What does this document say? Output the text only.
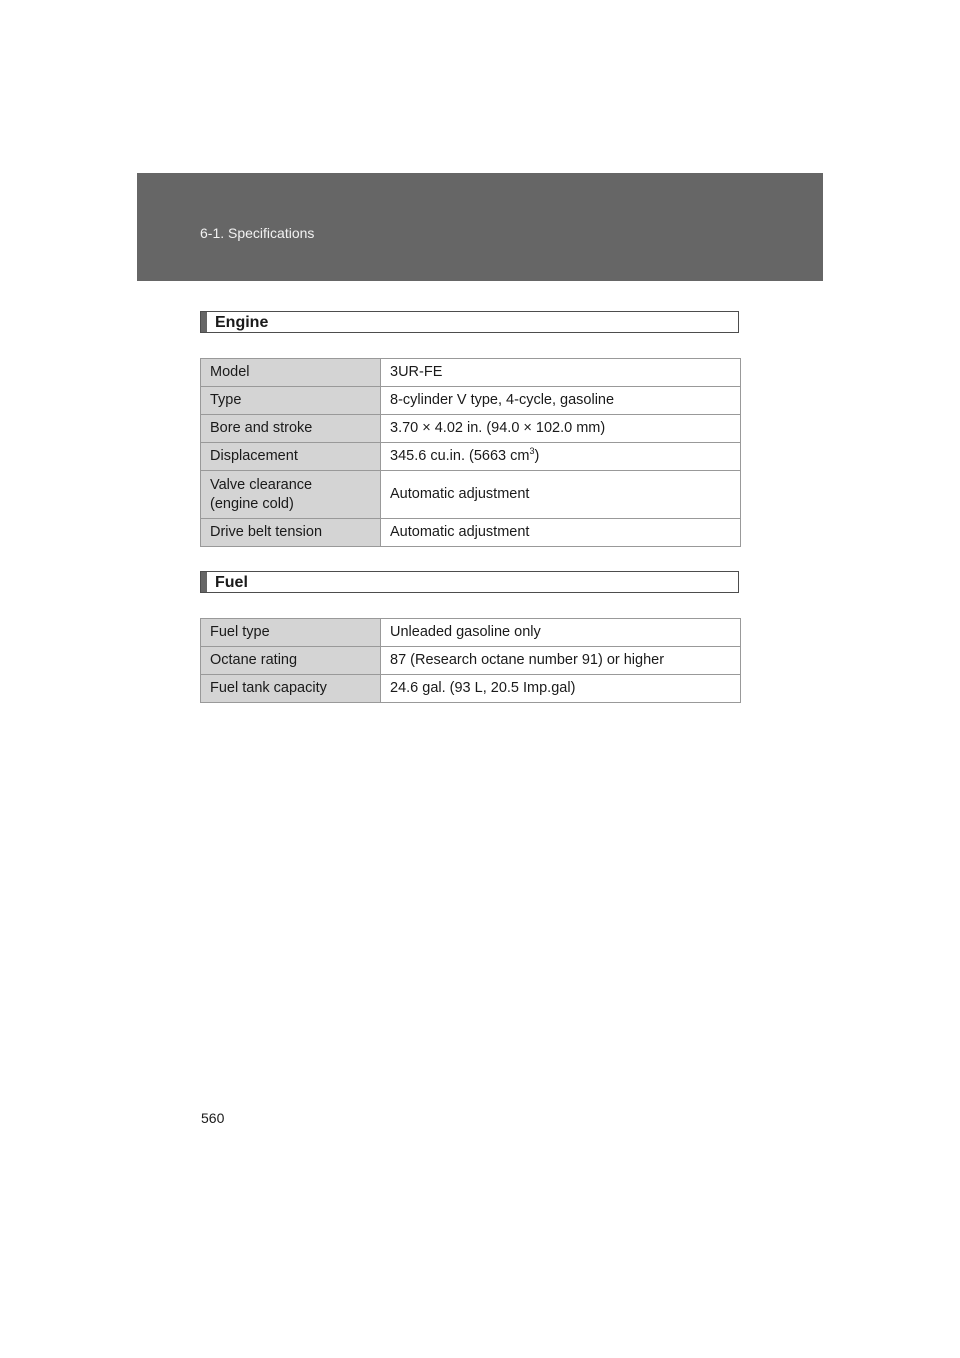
6-1. Specifications
Engine
Model	3UR-FE
Type	8-cylinder V type, 4-cycle, gasoline
Bore and stroke	3.70 × 4.02 in. (94.0 × 102.0 mm)
Displacement	345.6 cu.in. (5663 $cm^3$)

Valve clearance
(engine cold)	Automatic adjustment
Drive belt tension	Automatic adjustment
Fuel
Fuel type	Unleaded gasoline only
Octane rating	87 (Research octane number 91) or higher
Fuel tank capacity	24.6 gal. (93 L, 20.5 Imp.gal)
560
